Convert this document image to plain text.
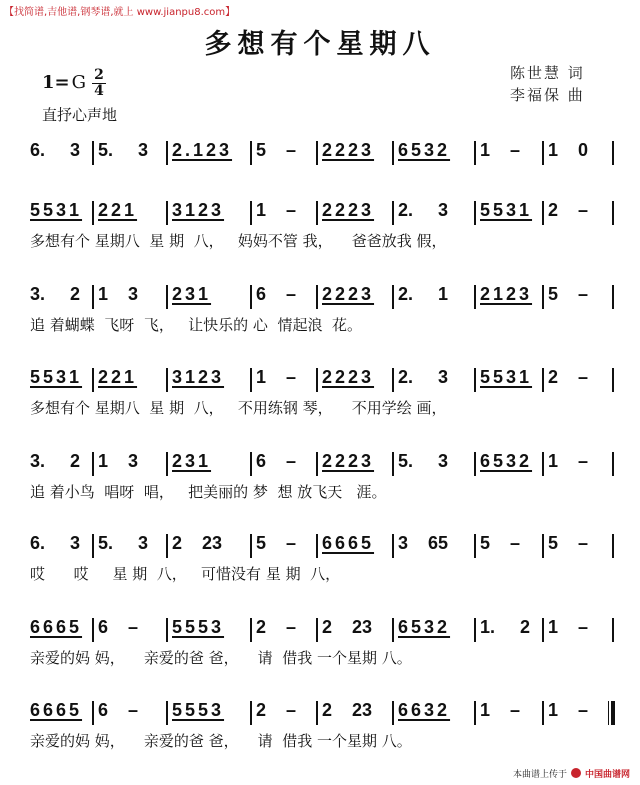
【找简谱,吉他谱,钢琴谱,就上 www.jianpu8.com】
多想有个星期八
1= G 2
4
直抒心声地
陈世慧 词
李福保 曲
6.     3 5.     3 2.123 5    – 2223 6532 1    – 1    0
5531 221 3123 1    – 2223 2.     3 5531 2    –
多想有个 星期八  星 期  八，   妈妈不管 我，    爸爸放我 假，
3.     2 1    3 231 6    – 2223 2.     1 2123 5    –
追 着蝴蝶  飞呀  飞，   让快乐的 心  情起浪  花。
5531 221 3123 1    – 2223 2.     3 5531 2    –
多想有个 星期八  星 期  八，   不用练钢 琴，    不用学绘 画，
3.     2 1    3 231 6    – 2223 5.     3 6532 1    –
追 着小鸟  唱呀  唱，   把美丽的 梦  想 放飞天   涯。
6.     3 5.     3 2    23 5    – 6665 3    65 5    – 5    –
哎      哎     星 期  八，   可惜没有 星 期  八，
6665 6    – 5553 2    – 2    23 6532 1.     2 1    –
亲爱的妈 妈，    亲爱的爸 爸，    请  借我 一个星期 八。
6665 6    – 5553 2    – 2    23 6632 1    – 1    –
亲爱的妈 妈，    亲爱的爸 爸，    请  借我 一个星期 八。
本曲谱上传于 中国曲谱网
